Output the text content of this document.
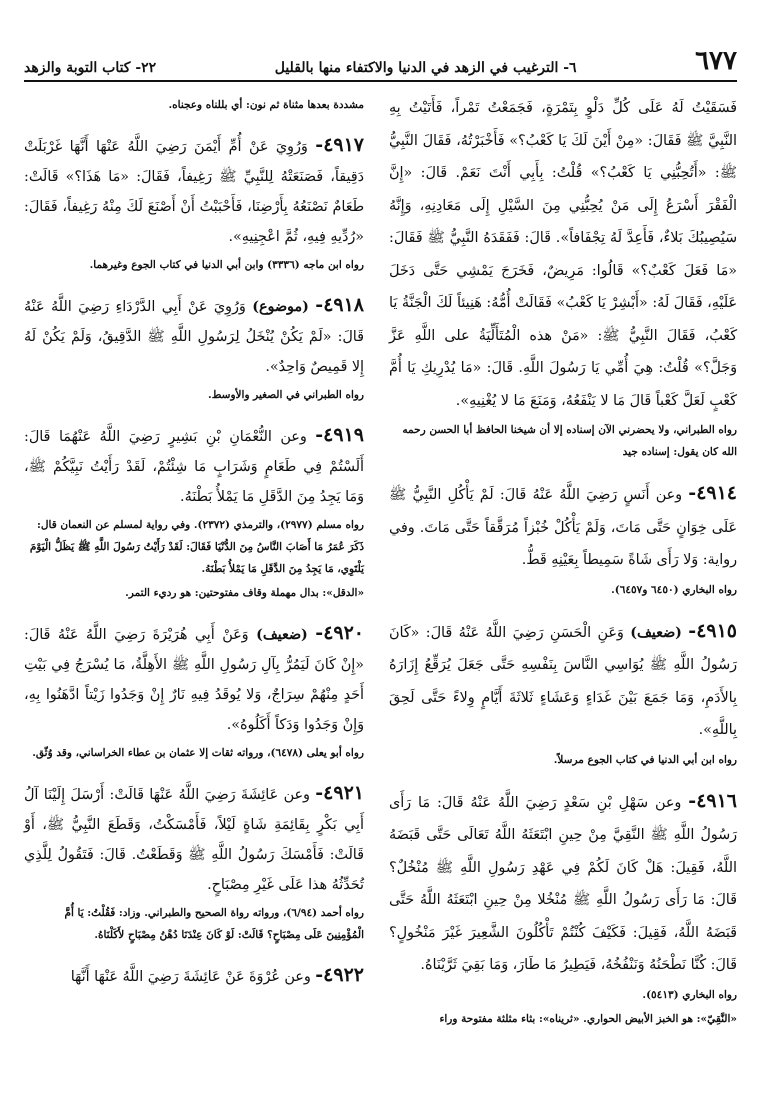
٦٧٧
٦- الترغيب في الزهد في الدنيا والاكتفاء منها بالقليل
٢٢- كتاب التوبة والزهد

فَسَقَيْتُ لَهُ عَلَى كُلِّ دَلْوٍ بِتَمْرَةٍ، فَجَمَعْتُ تَمْراً، فَأَتَيْتُ بِهِ النَّبِيَّ ﷺ فَقَالَ: «مِنْ أَيْنَ لَكَ يَا كَعْبُ؟» فَأَخْبَرْتُهُ، فَقَالَ النَّبِيُّ ﷺ: «أَتُحِبُّنِي يَا كَعْبُ؟» قُلْتُ: بِأَبِي أَنْتَ نَعَمْ. قَالَ: «إِنَّ الْفَقْرَ أَسْرَعُ إِلَى مَنْ يُحِبُّنِي مِنَ السَّيْلِ إِلَى مَعَادِنِهِ، وَإِنَّهُ سَيُصِيبُكَ بَلاءٌ، فَأَعِدَّ لَهُ تِجْفَافاً». قَالَ: فَفَقَدَهُ النَّبِيُّ ﷺ فَقَالَ: «مَا فَعَلَ كَعْبٌ؟» قَالُوا: مَرِيضٌ، فَخَرَجَ يَمْشِي حَتَّى دَخَلَ عَلَيْهِ، فَقَالَ لَهُ: «أَبْشِرْ يَا كَعْبُ» فَقَالَتْ أُمُّهُ: هَنِيئاً لَكَ الْجَنَّةُ يَا كَعْبُ، فَقَالَ النَّبِيُّ ﷺ: «مَنْ هذه الْمُتَأَلِّيَةُ على اللَّهِ عَزَّ وَجَلَّ؟» قُلْتُ: هِيَ أُمِّي يَا رَسُولَ اللَّهِ. قَالَ: «مَا يُدْرِيكِ يَا أُمَّ كَعْبٍ لَعَلَّ كَعْباً قَالَ مَا لا يَنْفَعُهُ، وَمَنَعَ مَا لا يُغْنِيهِ».

رواه الطبراني، ولا يحضرني الآن إسناده إلا أن شيخنا الحافظ أبا الحسن رحمه الله كان يقول: إسناده جيد

٤٩١٤- وعن أَنَسٍ رَضِيَ اللَّهُ عَنْهُ قَالَ: لَمْ يَأْكُلِ النَّبِيُّ ﷺ عَلَى خِوَانٍ حَتَّى مَاتَ، وَلَمْ يَأْكُلْ خُبْزاً مُرَقَّقاً حَتَّى مَاتَ. وفي رواية: وَلا رَأَى شَاةً سَمِيطاً بِعَيْنِهِ قَطُّ.

رواه البخاري (٦٤٥٠ و٦٤٥٧).

٤٩١٥- (ضعيف) وَعَنِ الْحَسَنِ رَضِيَ اللَّهُ عَنْهُ قَالَ: «كَانَ رَسُولُ اللَّهِ ﷺ يُوَاسِي النَّاسَ بِنَفْسِهِ حَتَّى جَعَلَ يُرَقِّعُ إِزَارَهُ بِالأَدَمِ، وَمَا جَمَعَ بَيْنَ غَدَاءٍ وَعَشَاءٍ ثَلاثَةَ أَيَّامٍ وِلاءً حَتَّى لَحِقَ بِاللَّهِ».

رواه ابن أبي الدنيا في كتاب الجوع مرسلاً.

٤٩١٦- وعن سَهْلِ بْنِ سَعْدٍ رَضِيَ اللَّهُ عَنْهُ قَالَ: مَا رَأَى رَسُولُ اللَّهِ ﷺ النَّقِيَّ مِنْ حِينِ ابْتَعَثَهُ اللَّهُ تَعَالَى حَتَّى قَبَضَهُ اللَّهُ، فَقِيلَ: هَلْ كَانَ لَكُمْ فِي عَهْدِ رَسُولِ اللَّهِ ﷺ مُنْخُلٌ؟ قَالَ: مَا رَأَى رَسُولُ اللَّهِ ﷺ مُنْخُلا مِنْ حِينِ ابْتَعَثَهُ اللَّهُ حَتَّى قَبَضَهُ اللَّهُ، فَقِيلَ: فَكَيْفَ كُنْتُمْ تَأْكُلُونَ الشَّعِيرَ غَيْرَ مَنْخُولٍ؟ قَالَ: كُنَّا نَطْحَنُهُ وَنَنْفُخُهُ، فَيَطِيرُ مَا طَارَ، وَمَا بَقِيَ ثَرَّيْنَاهُ.

رواه البخاري (٥٤١٣).

«النَّقِيّ»: هو الخبز الأبيض الحواري. «ثريناه»: بثاء مثلثة مفتوحة وراء

مشددة بعدها مثناة ثم نون: أي بللناه وعجناه.

٤٩١٧- وَرُوِيَ عَنْ أُمِّ أَيْمَنَ رَضِيَ اللَّهُ عَنْهَا أَنَّهَا غَرْبَلَتْ دَقِيقاً، فَصَنَعَتْهُ لِلنَّبِيِّ ﷺ رَغِيفاً، فَقَالَ: «مَا هَذَا؟» قَالَتْ: طَعَامٌ نَصْنَعُهُ بِأَرْضِنَا، فَأَحْبَبْتُ أَنْ أَصْنَعَ لَكَ مِنْهُ رَغِيفاً، فَقَالَ: «رُدِّيهِ فِيهِ، ثُمَّ اعْجِنِيهِ».

رواه ابن ماجه (٣٣٣٦) وابن أبي الدنيا في كتاب الجوع وغيرهما.

٤٩١٨- (موضوع) وَرُوِيَ عَنْ أَبِي الدَّرْدَاءِ رَضِيَ اللَّهُ عَنْهُ قَالَ: «لَمْ يَكُنْ يُنْخَلُ لِرَسُولِ اللَّهِ ﷺ الدَّقِيقُ، وَلَمْ يَكُنْ لَهُ إِلا قَمِيصٌ وَاحِدٌ».

رواه الطبراني في الصغير والأوسط.

٤٩١٩- وعن النُّعْمَانِ بْنِ بَشِيرٍ رَضِيَ اللَّهُ عَنْهُمَا قَالَ: أَلَسْتُمْ فِي طَعَامٍ وَشَرَابٍ مَا شِئْتُمْ، لَقَدْ رَأَيْتُ نَبِيَّكُمْ ﷺ، وَمَا يَجِدُ مِنَ الدَّقَلِ مَا يَمْلأُ بَطْنَهُ.

رواه مسلم (٢٩٧٧)، والترمذي (٢٣٧٢). وفي رواية لمسلم عن النعمان قال: ذَكَرَ عُمَرُ مَا أَصَابَ النَّاسُ مِنَ الدُّنْيَا فَقَالَ: لَقَدْ رَأَيْتُ رَسُولَ اللَّهِ ﷺ يَظَلُّ الْيَوْمَ يَلْتَوِي، مَا يَجِدُ مِنَ الدَّقَلِ مَا يَمْلأُ بَطْنَهُ.

«الدقل»: بدال مهملة وقاف مفتوحتين: هو رديء التمر.

٤٩٢٠- (ضعيف) وَعَنْ أَبِي هُرَيْرَةَ رَضِيَ اللَّهُ عَنْهُ قَالَ: «إِنْ كَانَ لَيَمُرُّ بِآلِ رَسُولِ اللَّهِ ﷺ الأَهِلَّةُ، مَا يُسْرَجُ فِي بَيْتِ أَحَدٍ مِنْهُمْ سِرَاجٌ، وَلا يُوقَدُ فِيهِ نَارٌ إِنْ وَجَدُوا زَيْتاً ادَّهَنُوا بِهِ، وَإِنْ وَجَدُوا وَدَكاً أَكَلُوهُ».

رواه أبو يعلى (٦٤٧٨)، ورواته ثقات إلا عثمان بن عطاء الخراساني، وقد وُثّق.

٤٩٢١- وعن عَائِشَةَ رَضِيَ اللَّهُ عَنْهَا قَالَتْ: أَرْسَلَ إِلَيْنَا آلُ أَبِي بَكْرٍ بِقَائِمَةِ شَاةٍ لَيْلاً، فَأَمْسَكْتُ، وَقَطَعَ النَّبِيُّ ﷺ، أَوْ قَالَتْ: فَأَمْسَكَ رَسُولُ اللَّهِ ﷺ وَقَطَعْتُ. قَالَ: فَتَقُولُ لِلَّذِي تُحَدِّثُهُ هذا عَلَى غَيْرِ مِصْبَاحٍ.

رواه أحمد (٦/٩٤)، ورواته رواة الصحيح والطبراني. وزاد: فَقُلْتُ: يَا أُمَّ الْمُؤْمِنِينَ عَلَى مِصْبَاحٍ؟ قَالَتْ: لَوْ كَانَ عِنْدَنَا دُهْنُ مِصْبَاحٍ لأَكَلْنَاهُ.

٤٩٢٢- وعن عُرْوَةَ عَنْ عَائِشَةَ رَضِيَ اللَّهُ عَنْهَا أَنَّهَا
